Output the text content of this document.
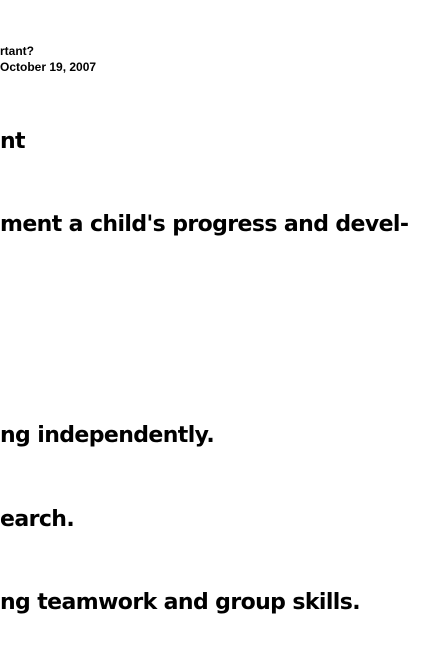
rtant?
October 19, 2007
nt
ment a child's progress and devel-
ng independently.
earch.
ng teamwork and group skills.
